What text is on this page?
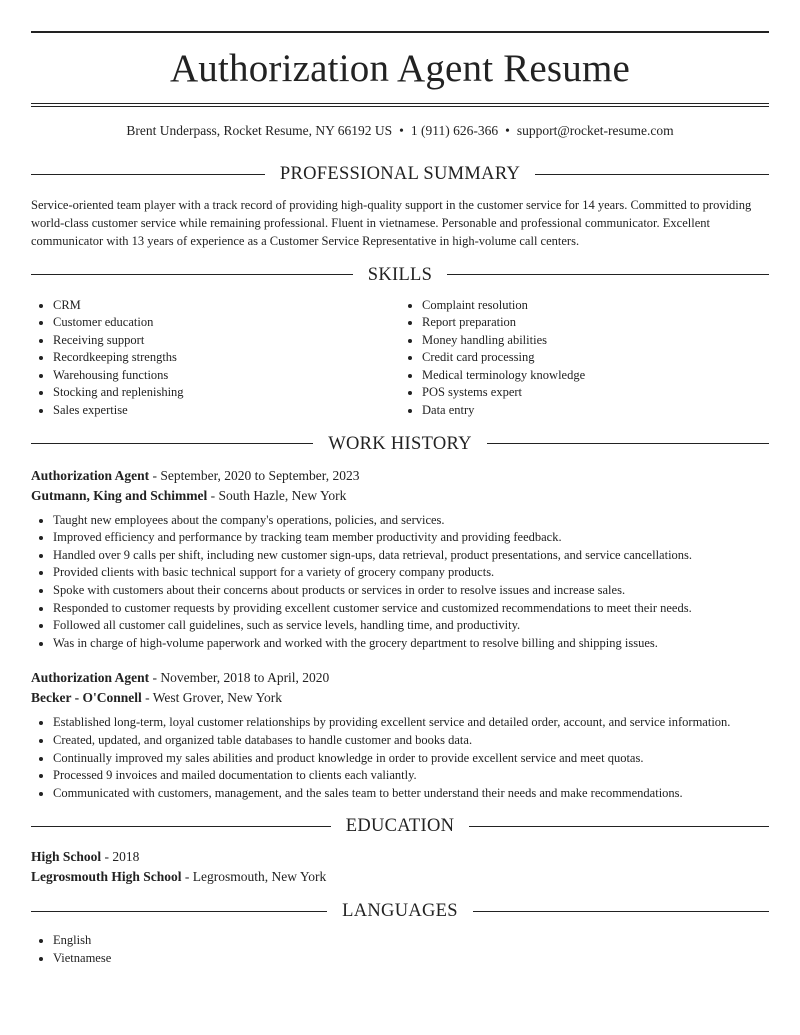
Authorization Agent Resume
Brent Underpass, Rocket Resume, NY 66192 US • 1 (911) 626-366 • support@rocket-resume.com
PROFESSIONAL SUMMARY

Service-oriented team player with a track record of providing high-quality support in the customer service for 14 years. Committed to providing world-class customer service while remaining professional. Fluent in vietnamese. Personable and professional communicator. Excellent communicator with 13 years of experience as a Customer Service Representative in high-volume call centers.

SKILLS
• CRM
• Customer education
• Receiving support
• Recordkeeping strengths
• Warehousing functions
• Stocking and replenishing
• Sales expertise
• Complaint resolution
• Report preparation
• Money handling abilities
• Credit card processing
• Medical terminology knowledge
• POS systems expert
• Data entry
WORK HISTORY
Authorization Agent - September, 2020 to September, 2023
Gutmann, King and Schimmel - South Hazle, New York
• Taught new employees about the company's operations, policies, and services.
• Improved efficiency and performance by tracking team member productivity and providing feedback.
• Handled over 9 calls per shift, including new customer sign-ups, data retrieval, product presentations, and service cancellations.
• Provided clients with basic technical support for a variety of grocery company products.
• Spoke with customers about their concerns about products or services in order to resolve issues and increase sales.
• Responded to customer requests by providing excellent customer service and customized recommendations to meet their needs.
• Followed all customer call guidelines, such as service levels, handling time, and productivity.
• Was in charge of high-volume paperwork and worked with the grocery department to resolve billing and shipping issues.
Authorization Agent - November, 2018 to April, 2020
Becker - O'Connell - West Grover, New York
• Established long-term, loyal customer relationships by providing excellent service and detailed order, account, and service information.
• Created, updated, and organized table databases to handle customer and books data.
• Continually improved my sales abilities and product knowledge in order to provide excellent service and meet quotas.
• Processed 9 invoices and mailed documentation to clients each valiantly.
• Communicated with customers, management, and the sales team to better understand their needs and make recommendations.
EDUCATION
High School - 2018
Legrosmouth High School - Legrosmouth, New York
LANGUAGES
• English
• Vietnamese
